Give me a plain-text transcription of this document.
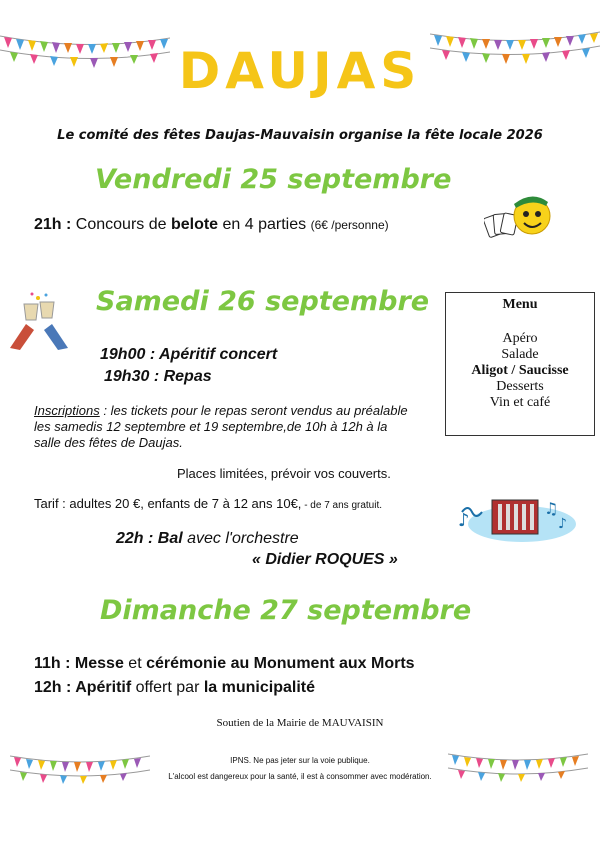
DAUJAS
Le comité des fêtes Daujas-Mauvaisin organise la fête locale 2026
Vendredi 25 septembre
21h : Concours de belote en 4 parties (6€ /personne)
Samedi 26 septembre
19h00 : Apéritif concert
19h30 : Repas
Inscriptions : les tickets pour le repas seront vendus au préalable
les samedis 12 septembre et 19 septembre,de 10h à 12h à la
salle des fêtes de Daujas.
Places limitées, prévoir vos couverts.
Tarif : adultes 20 €, enfants de 7 à 12 ans 10€, - de 7 ans gratuit.
♪
♫
♪
22h : Bal avec l'orchestre
« Didier ROQUES »
Menu
Apéro
Salade
Aligot / Saucisse
Desserts
Vin et café
Dimanche 27 septembre
11h : Messe et cérémonie au Monument aux Morts
12h : Apéritif offert par la municipalité
Soutien de la Mairie de MAUVAISIN
IPNS. Ne pas jeter sur la voie publique.
L'alcool est dangereux pour la santé, il est à consommer avec modération.
